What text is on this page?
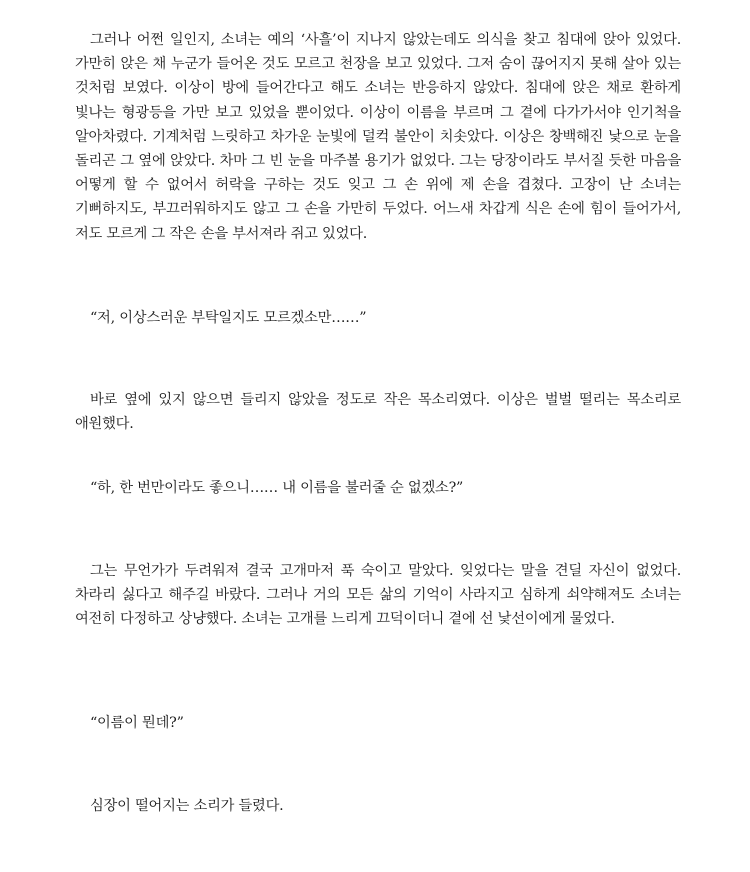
그러나 어쩐 일인지, 소녀는 예의 ‘사흘’이 지나지 않았는데도 의식을 찾고 침대에 앉아 있었다. 가만히 앉은 채 누군가 들어온 것도 모르고 천장을 보고 있었다. 그저 숨이 끊어지지 못해 살아 있는 것처럼 보였다. 이상이 방에 들어간다고 해도 소녀는 반응하지 않았다. 침대에 앉은 채로 환하게 빛나는 형광등을 가만 보고 있었을 뿐이었다. 이상이 이름을 부르며 그 곁에 다가가서야 인기척을 알아차렸다. 기계처럼 느릿하고 차가운 눈빛에 덜컥 불안이 치솟았다. 이상은 창백해진 낯으로 눈을 돌리곤 그 옆에 앉았다. 차마 그 빈 눈을 마주볼 용기가 없었다. 그는 당장이라도 부서질 듯한 마음을 어떻게 할 수 없어서 허락을 구하는 것도 잊고 그 손 위에 제 손을 겹쳤다. 고장이 난 소녀는 기뻐하지도, 부끄러워하지도 않고 그 손을 가만히 두었다. 어느새 차갑게 식은 손에 힘이 들어가서, 저도 모르게 그 작은 손을 부서져라 쥐고 있었다.

“저, 이상스러운 부탁일지도 모르겠소만……”

바로 옆에 있지 않으면 들리지 않았을 정도로 작은 목소리였다. 이상은 벌벌 떨리는 목소리로 애원했다.

“하, 한 번만이라도 좋으니…… 내 이름을 불러줄 순 없겠소?”

그는 무언가가 두려워져 결국 고개마저 푹 숙이고 말았다. 잊었다는 말을 견딜 자신이 없었다. 차라리 싫다고 해주길 바랐다. 그러나 거의 모든 삶의 기억이 사라지고 심하게 쇠약해져도 소녀는 여전히 다정하고 상냥했다. 소녀는 고개를 느리게 끄덕이더니 곁에 선 낯선이에게 물었다.

“이름이 뭔데?”

심장이 떨어지는 소리가 들렸다.
